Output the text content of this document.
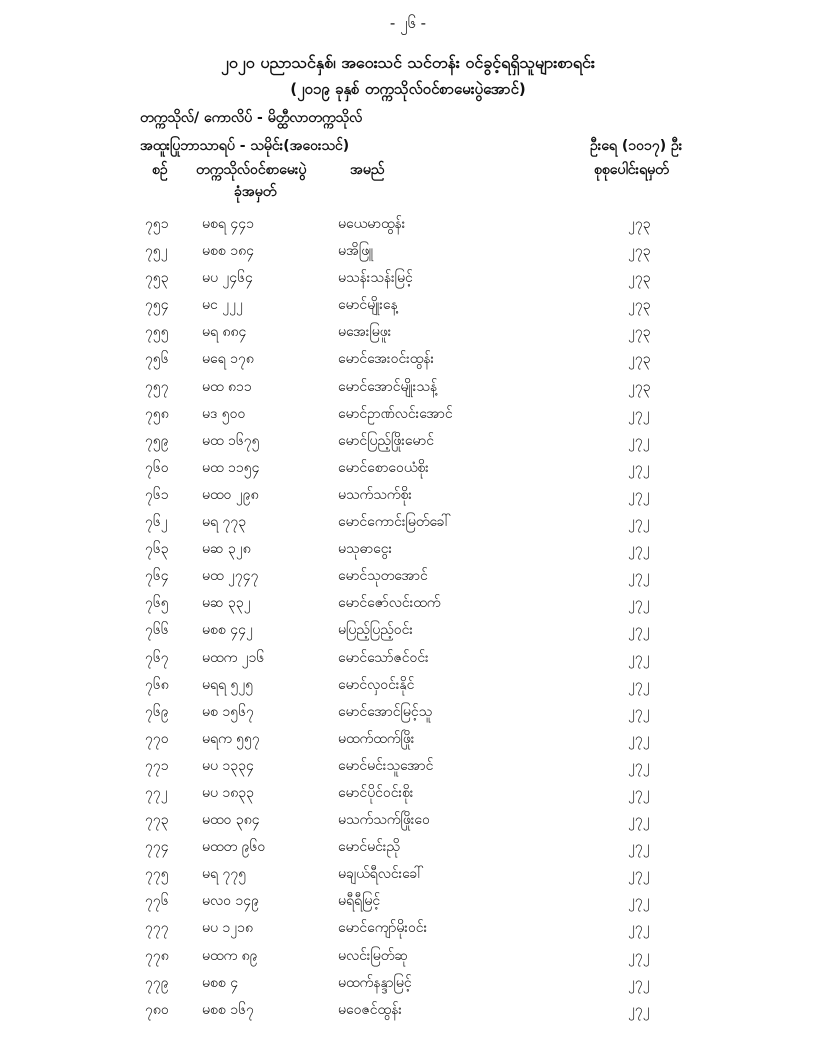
- ၂၆ -
၂၀၂၀ ပညာသင်နှစ်၊ အဝေးသင် သင်တန်း ဝင်ခွင့်ရရှိသူများစာရင်း
(၂၀၁၉ ခုနှစ် တက္ကသိုလ်ဝင်စာမေးပွဲအောင်)
တက္ကသိုလ်/ ကောလိပ် - မိတ္ထီလာတက္ကသိုလ်
အထူးပြုဘာသာရပ် - သမိုင်း(အဝေးသင်)	ဦးရေ (၁၀၁၇) ဦး
စဉ် တက္ကသိုလ်ဝင်စာမေးပွဲ
ခုံအမှတ်
အမည်	စုစုပေါင်းရမှတ်
၇၅၁ မစရ ၄၄၁	မယေမာထွန်း	၂၇၃
၇၅၂ မစစ ၁၈၄	မအိဖြူ	၂၇၃
၇၅၃ မပ ၂၄၆၄	မသန်းသန်းမြင့်	၂၇၃
၇၅၄ မင ၂၂၂	မောင်မျိုးနေ့	၂၇၃
၇၅၅ မရ ၈၈၄	မအေးမြဖူး	၂၇၃
၇၅၆ မရေ ၁၇၈	မောင်အေးဝင်းထွန်း	၂၇၃
၇၅၇ မထ ၈၁၁	မောင်အောင်မျိုးသန့်	၂၇၃
၇၅၈ မဒ ၅၀၀	မောင်ဥာဏ်လင်းအောင်	၂၇၂
၇၅၉ မထ ၁၆၇၅	မောင်ပြည့်ဖြိုးမောင်	၂၇၂
၇၆၀ မထ ၁၁၅၄	မောင်စောဝေယံစိုး	၂၇၂
၇၆၁ မထဝ ၂၉၈	မသက်သက်စိုး	၂၇၂
၇၆၂ မရ ၇၇၃	မောင်ကောင်းမြတ်ခေါ်	၂၇၂
၇၆၃ မဆ ၃၂၈	မသုဓာငွေး	၂၇၂
၇၆၄ မထ ၂၇၄၇	မောင်သုတအောင်	၂၇၂
၇၆၅ မဆ ၃၃၂	မောင်ဇော်လင်းထက်	၂၇၂
၇၆၆ မစစ ၄၄၂	မပြည့်ပြည့်ဝင်း	၂၇၂
၇၆၇ မထက ၂၁၆	မောင်သော်ဇင်ဝင်း	၂၇၂
၇၆၈ မရရ ၅၂၅	မောင်လှဝင်းနိုင်	၂၇၂
၇၆၉ မစ ၁၅၆၇	မောင်အောင်မြင့်သူ	၂၇၂
၇၇၀ မရက ၅၅၇	မထက်ထက်ဖြိုး	၂၇၂
၇၇၁ မပ ၁၃၃၄	မောင်မင်းသူအောင်	၂၇၂
၇၇၂ မပ ၁၈၃၃	မောင်ပိုင်ဝင်းစိုး	၂၇၂
၇၇၃ မထဝ ၃၈၄	မသက်သက်ဖြိုးဝေ	၂၇၂
၇၇၄ မထတ ၉၆၀	မောင်မင်းညို	၂၇၂
၇၇၅ မရ ၇၇၅	မချယ်ရီလင်းခေါ်	၂၇၂
၇၇၆ မလဝ ၁၄၉	မရီရီမြင့်	၂၇၂
၇၇၇ မပ ၁၂၁၈	မောင်ကျော်မိုးဝင်း	၂၇၂
၇၇၈ မထက ၈၉	မလင်းမြတ်ဆု	၂၇၂
၇၇၉ မစစ ၄	မထက်နန္ဒာမြင့်	၂၇၂
၇၈၀ မစစ ၁၆၇	မဝေဇင်ထွန်း	၂၇၂
